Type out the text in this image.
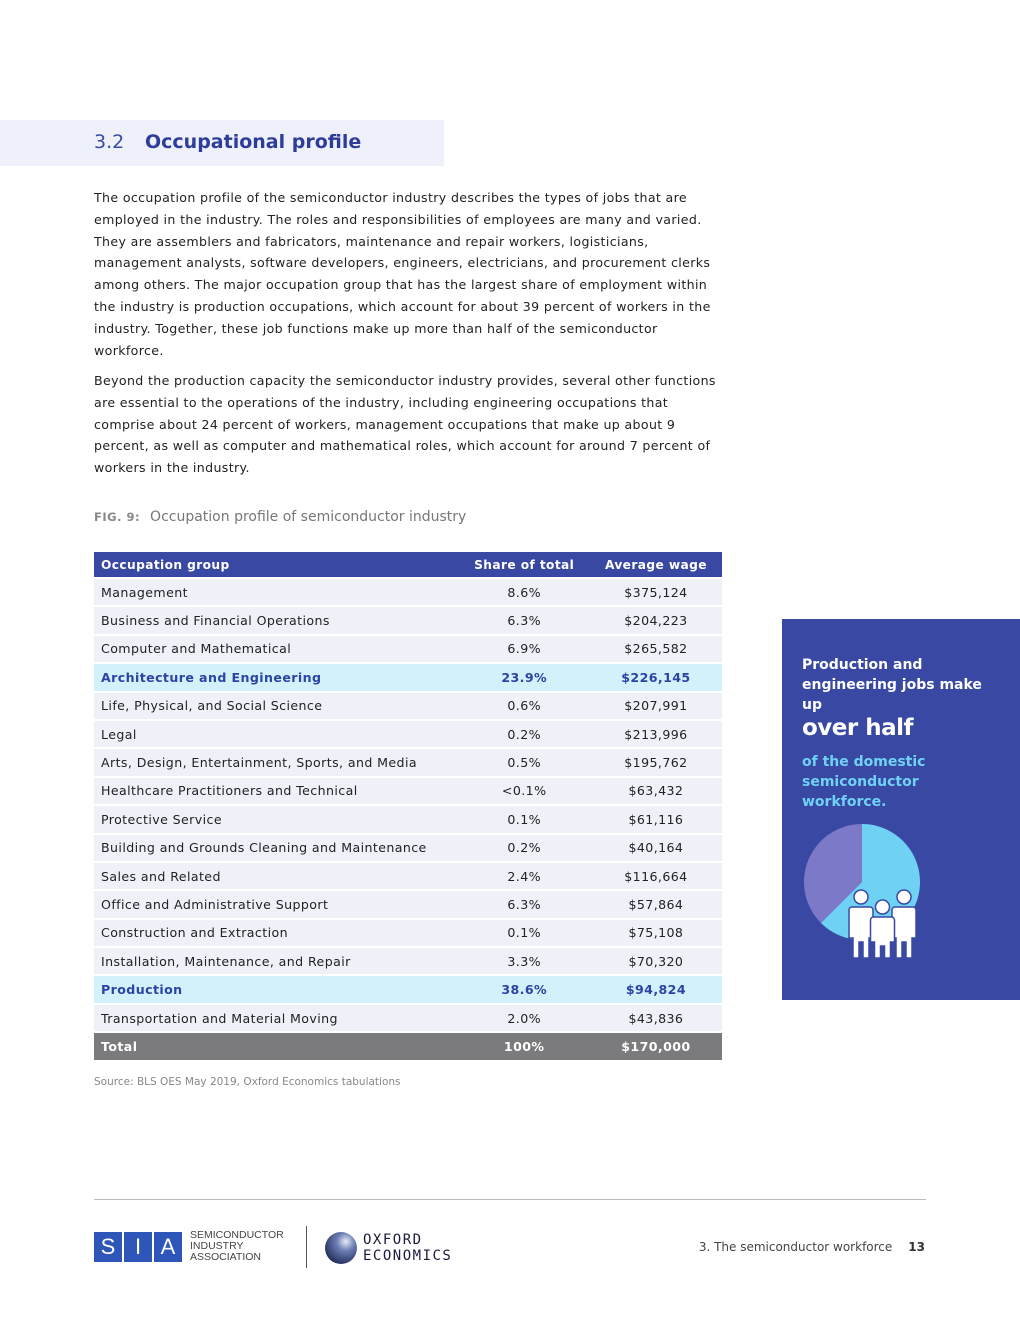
3.2 Occupational profile
The occupation profile of the semiconductor industry describes the types of jobs that are employed in the industry. The roles and responsibilities of employees are many and varied. They are assemblers and fabricators, maintenance and repair workers, logisticians, management analysts, software developers, engineers, electricians, and procurement clerks among others. The major occupation group that has the largest share of employment within the industry is production occupations, which account for about 39 percent of workers in the industry. Together, these job functions make up more than half of the semiconductor workforce.
Beyond the production capacity the semiconductor industry provides, several other functions are essential to the operations of the industry, including engineering occupations that comprise about 24 percent of workers, management occupations that make up about 9 percent, as well as computer and mathematical roles, which account for around 7 percent of workers in the industry.
FIG. 9: Occupation profile of semiconductor industry
Occupation group	Share of total	Average wage
Management	8.6%	$375,124
Business and Financial Operations	6.3%	$204,223
Computer and Mathematical	6.9%	$265,582
Architecture and Engineering	23.9%	$226,145
Life, Physical, and Social Science	0.6%	$207,991
Legal	0.2%	$213,996
Arts, Design, Entertainment, Sports, and Media	0.5%	$195,762
Healthcare Practitioners and Technical	<0.1%	$63,432
Protective Service	0.1%	$61,116
Building and Grounds Cleaning and Maintenance	0.2%	$40,164
Sales and Related	2.4%	$116,664
Office and Administrative Support	6.3%	$57,864
Construction and Extraction	0.1%	$75,108
Installation, Maintenance, and Repair	3.3%	$70,320
Production	38.6%	$94,824
Transportation and Material Moving	2.0%	$43,836
Total	100%	$170,000
Source: BLS OES May 2019, Oxford Economics tabulations
Production and engineering jobs make up
over half
of the domestic semiconductor workforce.
S I A	SEMICONDUCTOR INDUSTRY ASSOCIATION
OXFORD
ECONOMICS
3. The semiconductor workforce 13
